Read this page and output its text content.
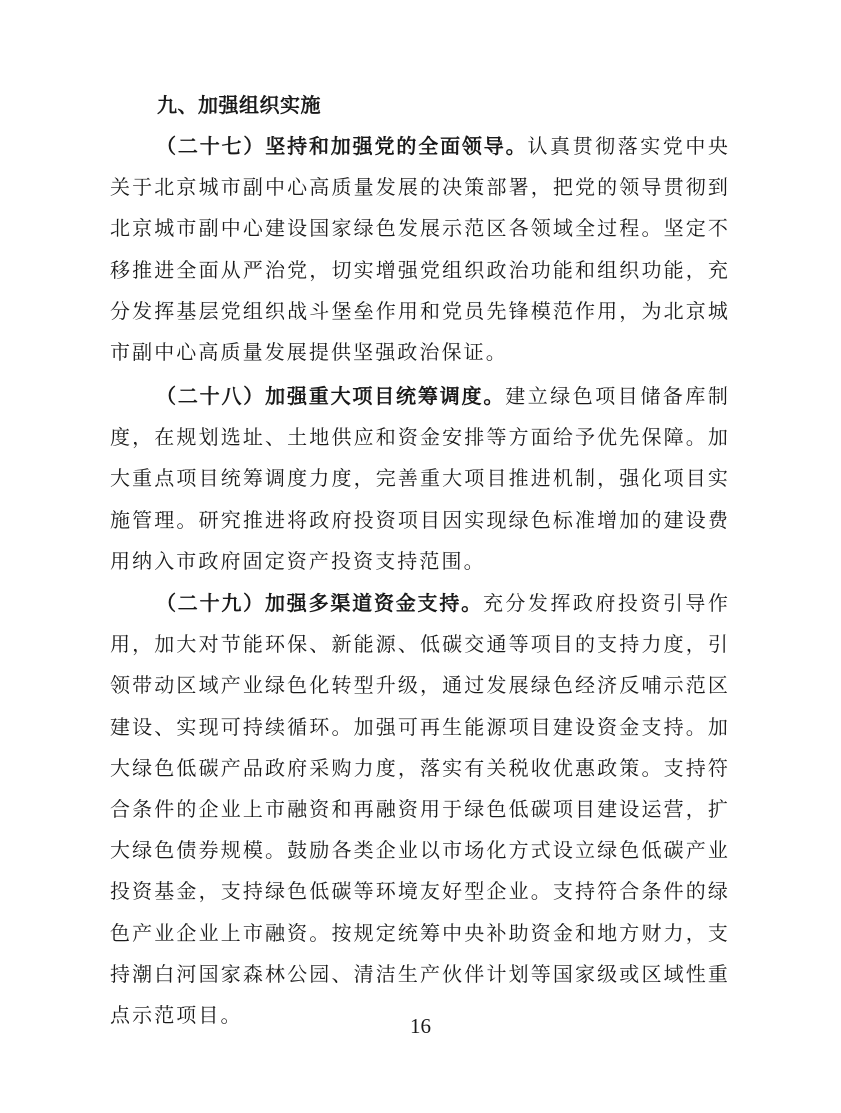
九、加强组织实施

（二十七）坚持和加强党的全面领导。认真贯彻落实党中央关于北京城市副中心高质量发展的决策部署，把党的领导贯彻到北京城市副中心建设国家绿色发展示范区各领域全过程。坚定不移推进全面从严治党，切实增强党组织政治功能和组织功能，充分发挥基层党组织战斗堡垒作用和党员先锋模范作用，为北京城市副中心高质量发展提供坚强政治保证。

（二十八）加强重大项目统筹调度。建立绿色项目储备库制度，在规划选址、土地供应和资金安排等方面给予优先保障。加大重点项目统筹调度力度，完善重大项目推进机制，强化项目实施管理。研究推进将政府投资项目因实现绿色标准增加的建设费用纳入市政府固定资产投资支持范围。

（二十九）加强多渠道资金支持。充分发挥政府投资引导作用，加大对节能环保、新能源、低碳交通等项目的支持力度，引领带动区域产业绿色化转型升级，通过发展绿色经济反哺示范区建设、实现可持续循环。加强可再生能源项目建设资金支持。加大绿色低碳产品政府采购力度，落实有关税收优惠政策。支持符合条件的企业上市融资和再融资用于绿色低碳项目建设运营，扩大绿色债券规模。鼓励各类企业以市场化方式设立绿色低碳产业投资基金，支持绿色低碳等环境友好型企业。支持符合条件的绿色产业企业上市融资。按规定统筹中央补助资金和地方财力，支持潮白河国家森林公园、清洁生产伙伴计划等国家级或区域性重点示范项目。	16
